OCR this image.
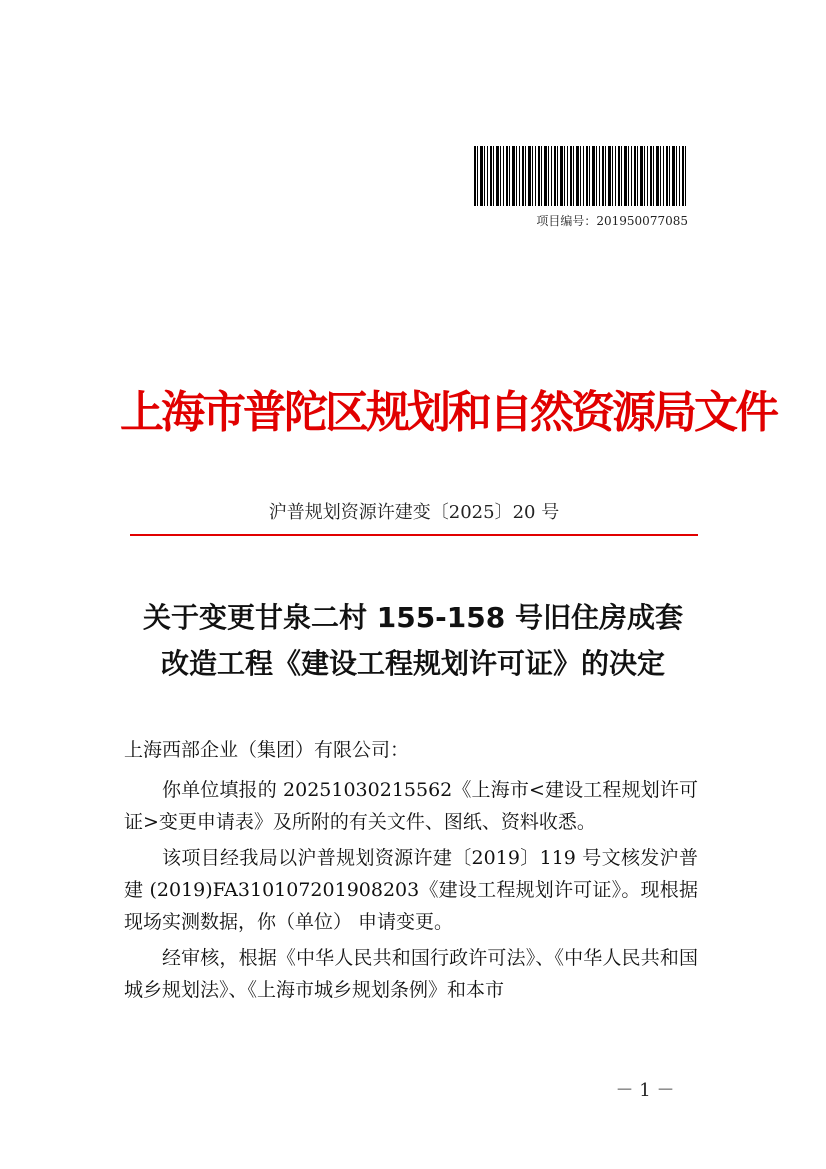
项目编号：201950077085
上海市普陀区规划和自然资源局文件
沪普规划资源许建变〔2025〕20 号
关于变更甘泉二村 155-158 号旧住房成套
改造工程《建设工程规划许可证》的决定

上海西部企业（集团）有限公司：

你单位填报的 20251030215562《上海市<建设工程规划许可证>变更申请表》及所附的有关文件、图纸、资料收悉。

该项目经我局以沪普规划资源许建〔2019〕119 号文核发沪普建 (2019)FA310107201908203《建设工程规划许可证》。现根据现场实测数据，你（单位） 申请变更。

经审核，根据《中华人民共和国行政许可法》、《中华人民共和国城乡规划法》、《上海市城乡规划条例》和本市

－ 1 －
